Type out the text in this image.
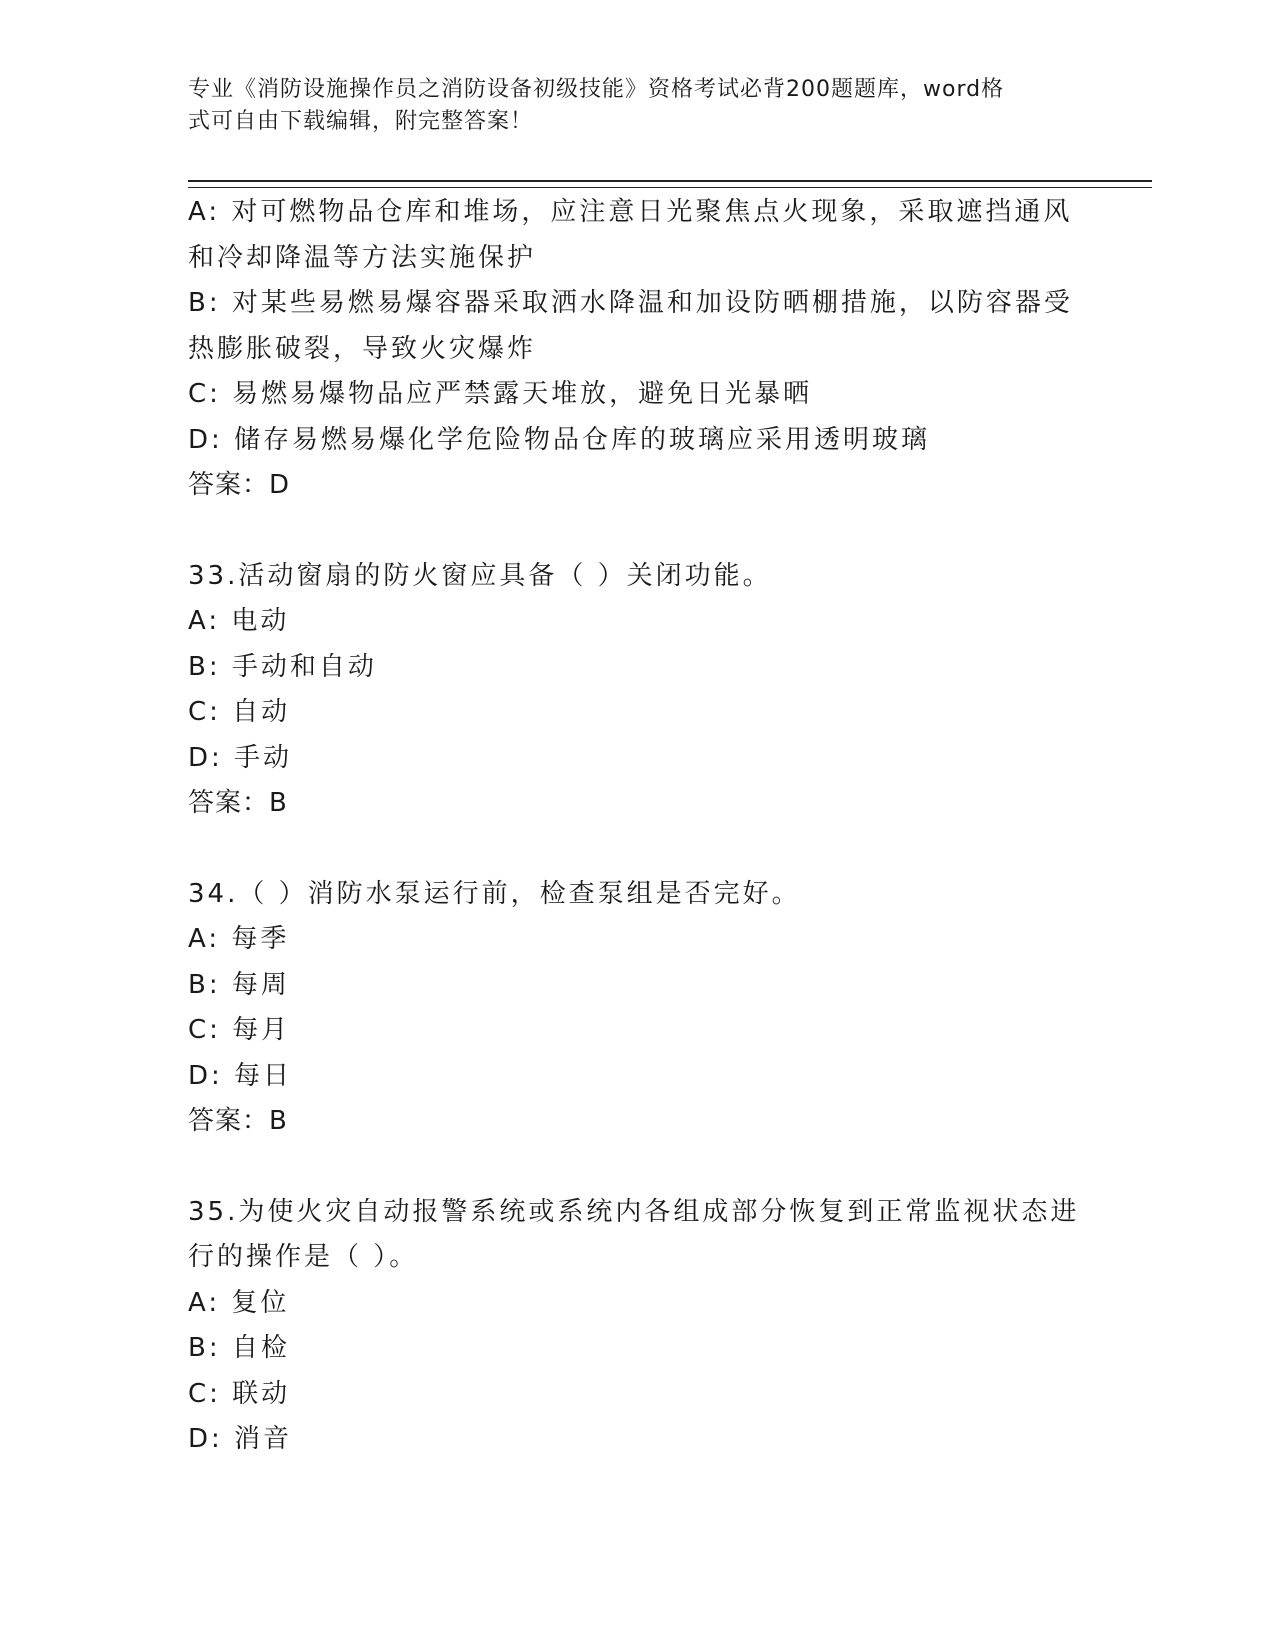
专业《消防设施操作员之消防设备初级技能》资格考试必背200题题库，word格
式可自由下载编辑，附完整答案！
A: 对可燃物品仓库和堆场，应注意日光聚焦点火现象，采取遮挡通风
和冷却降温等方法实施保护
B: 对某些易燃易爆容器采取洒水降温和加设防晒棚措施，以防容器受
热膨胀破裂，导致火灾爆炸
C: 易燃易爆物品应严禁露天堆放，避免日光暴晒
D: 储存易燃易爆化学危险物品仓库的玻璃应采用透明玻璃
答案：D
33.活动窗扇的防火窗应具备（ ）关闭功能。
A: 电动
B: 手动和自动
C: 自动
D: 手动
答案：B
34.（ ）消防水泵运行前，检查泵组是否完好。
A: 每季
B: 每周
C: 每月
D: 每日
答案：B
35.为使火灾自动报警系统或系统内各组成部分恢复到正常监视状态进
行的操作是（ ）。
A: 复位
B: 自检
C: 联动
D: 消音
